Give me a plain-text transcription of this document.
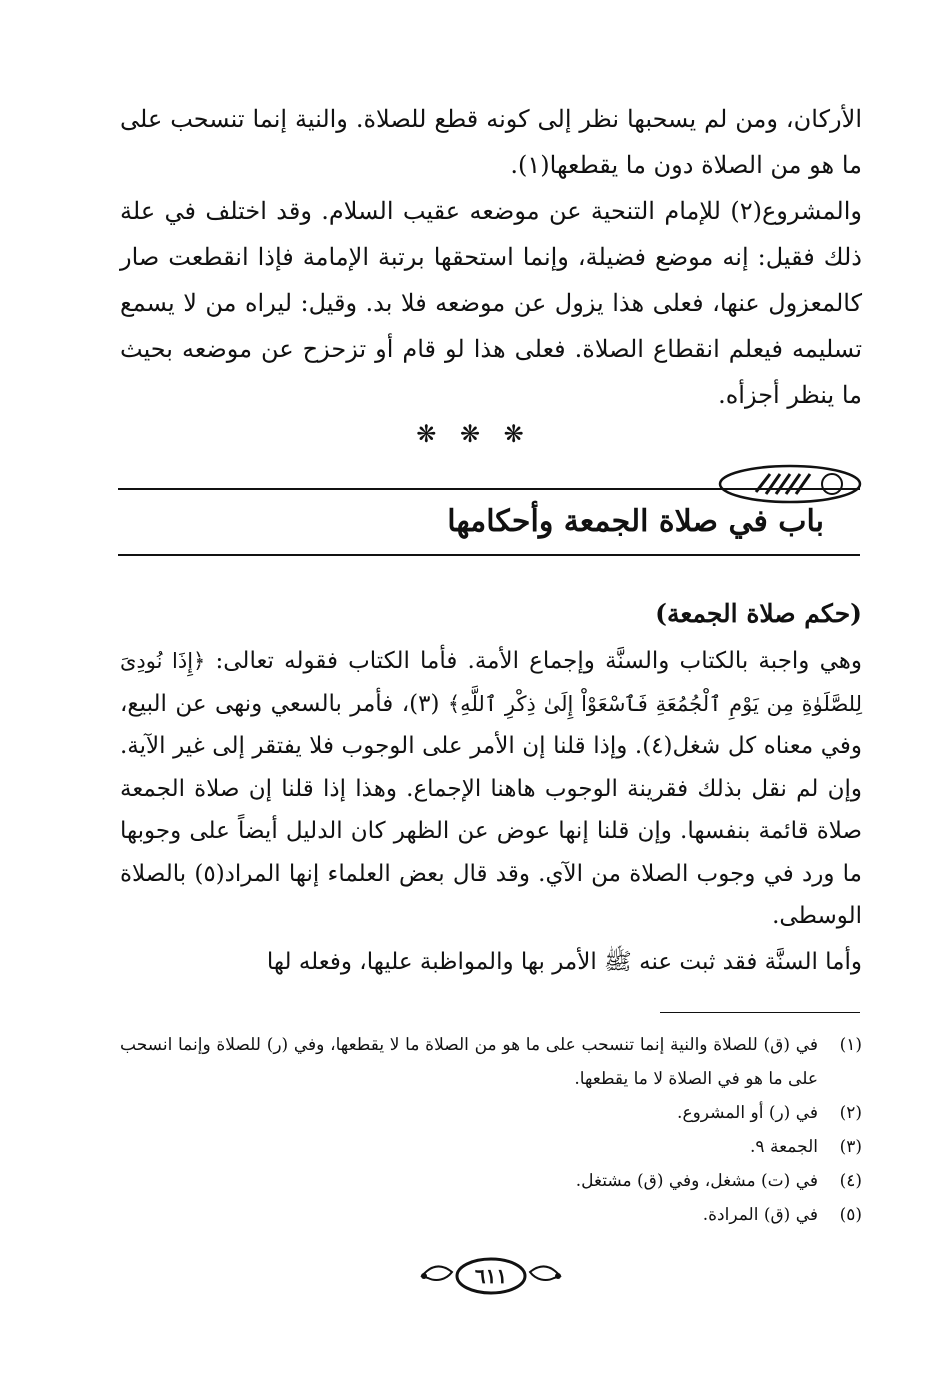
الأركان، ومن لم يسحبها نظر إلى كونه قطع للصلاة. والنية إنما تنسحب على ما هو من الصلاة دون ما يقطعها(١).
والمشروع(٢) للإمام التنحية عن موضعه عقيب السلام. وقد اختلف في علة ذلك فقيل: إنه موضع فضيلة، وإنما استحقها برتبة الإمامة فإذا انقطعت صار كالمعزول عنها، فعلى هذا يزول عن موضعه فلا بد. وقيل: ليراه من لا يسمع تسليمه فيعلم انقطاع الصلاة. فعلى هذا لو قام أو تزحزح عن موضعه بحيث ما ينظر أجزأه.
❋ ❋ ❋
باب في صلاة الجمعة وأحكامها
(حكم صلاة الجمعة)
وهي واجبة بالكتاب والسنَّة وإجماع الأمة. فأما الكتاب فقوله تعالى: ﴿إِذَا نُودِىَ لِلصَّلَوٰةِ مِن يَوْمِ ٱلْجُمُعَةِ فَٱسْعَوْاْ إِلَىٰ ذِكْرِ ٱللَّهِ﴾ (٣)، فأمر بالسعي ونهى عن البيع، وفي معناه كل شغل(٤). وإذا قلنا إن الأمر على الوجوب فلا يفتقر إلى غير الآية. وإن لم نقل بذلك فقرينة الوجوب هاهنا الإجماع. وهذا إذا قلنا إن صلاة الجمعة صلاة قائمة بنفسها. وإن قلنا إنها عوض عن الظهر كان الدليل أيضاً على وجوبها ما ورد في وجوب الصلاة من الآي. وقد قال بعض العلماء إنها المراد(٥) بالصلاة الوسطى.
وأما السنَّة فقد ثبت عنه ﷺ الأمر بها والمواظبة عليها، وفعله لها
(١)
في (ق) للصلاة والنية إنما تنسحب على ما هو من الصلاة ما لا يقطعها، وفي (ر) للصلاة وإنما انسحب على ما هو في الصلاة لا ما يقطعها.
(٢)
في (ر) أو المشروع.
(٣)
الجمعة ٩.
(٤)
في (ت) مشغل، وفي (ق) مشتغل.
(٥)
في (ق) المرادة.
٦١١
